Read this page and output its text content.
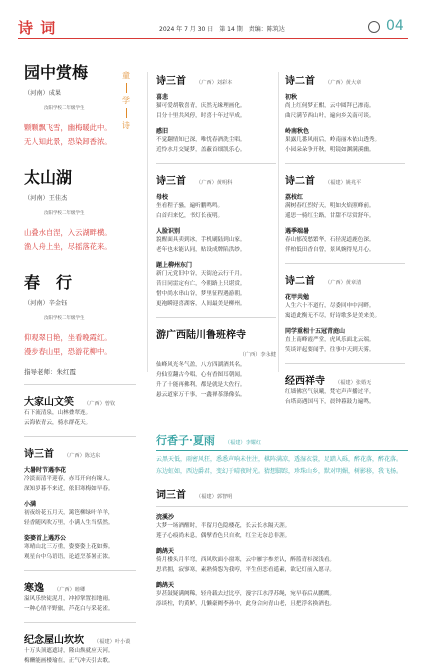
诗 词	2024 年 7 月 30 日　第 14 期　责编：陈筑达	04
童
学
诗
园中赏梅
（河南）成果
汝阳学校二年级学生
颗颗飘飞雪，幽梅暖此中。
无人知此景，恐染卸香浓。
太山湖
（河南）王佳杰
汝阳学校二年级学生
山叠水自涅，入云湖畔横。
渔人舟上坐，尽摇落花来。
春　行
（河南）辛金钰
汝阳学校二年级学生
仰观翠日艳，坐看晚霞红。
漫步春山里，恐游花柳中。
指导老师：朱红霞
大家山文笑 （广西）曾钦
石下流清泉，山林叠翠连。
云海依青云，骑水群花天。
诗三首 （广西）陈达东
大暑时节遇李花
冷淡而清平迎春，赤耳开向有缘人。
深知岁暮不来近，依旧寒梅如早春。
小满
初夜纷花五月天，篱笆柳绿叶羊羊，
轻香随风吹万里，小满人生当恬然。
姿婆首上遇苏公
寒晴山北三万重，姿婆姿上花如葬。
观星台中乌语语，论道烹茶暑正浓。
寒逸 （广西）睦卿
溢风乐快徒泥月，冲掉掌置扣地雨。
一种心情平野旅，芦花白与采花雀。
纪念屋山坎坎 （福建）叶小谟
十万头顶遮遮诗，隆山焕就应天河。
梅酬能画楼瑜在，正气冲天引去歌。
诗三首 （广西）刘彩本
喜悲
猫可爱胡敬喜青，庆然无缘理画化。
目分十里共风停，时喜十年过早成。
感旧
不觉翻情知已深，唯忧春酒洗尘唱。
近怜水月交疑梦，盖蔽首细凯乐心。
诗三首 （广西）黄明科
母校
坐看程子骚，遍听鹏鸣鸣。
白首归来忆，书灯长夜明。
人脸识别
貌醒面具卖到冰，手机刷陆到山家。
老年也未能认同，贴设成牌陷洪纱。
题上柳州东门
新门元党旧中谷，天街沧云行千月。
昔日同雷定有亡，今朝路上只堪赏。
惜中尚水串山谷，梦里征程遇游朝。
更袍瞬迎喜湖客，人间最美是柳州。
游广西陆川鲁班梓寺
（广西）李永健
仙峰风光冬气盈，八方四湖酒其名。
舟仙室翻古今唱，心有香图耳朝闻。
升了十能再佛利，都是就是大佐行。
悬云道家万千事，一鑫禅茶涤像弘。
诗二首 （广西）黄大章
初秋
尚上红伺梦正酣，云中圆拜已渗南。
曲尺满节西山叶，遍向乡关南可谈。
岭南秋色
果露几番风雨后，岭南丽木依山透秀。
小园朵朵争开秋，明镜如渊满溪幽。
诗二首 （福建）姚兆平
荔枝红
满树春红烈好天，明如火焰照峰前。
遥思一骑红尘路，甘甜不尽赏舒年。
遇季端暑
春山郁茂愁繁华，石径泥道鹿色深。
伴柏低田香自曾，景风婉得见月心。
诗二首 （广西）黄章清
花甲共勉
人生六十不道行，尽委回申中河畔。
寓道此衡无不尽，好诗歌多是美来美。
同学重相十五冠青庭山
直上南峰霞严堂，虎风乐面北云端。
笑谈评起要闻乎，往事中天到天雾。
经西祥寺 （福建）张婚无
红墙佛宫气氛曦，梵宅声声播过平。
台塔高遇国马下，晨钟暮鼓力遍鸣。
行香子·夏雨 （福建）李耀红
云黑天低，雨密风狂，悉悉声响未住注，棋阵满凉，透湿衣裳，足踏入砾，醉花落，醉花落。
东边虹如，西边爵君，变幻于晴夜时光。猜想脚踪，珍珠山乡，默对明媚，树影移，我飞扬。
词三首 （福建）郭智明
浣溪沙
大梦一场酒醒时，半留月色隐楼花，长云长水隔天涯。
莲子心痕尚未息，偶擘香色只自欢，红尘无奈总非涯。
鹧鸪天
倚月楼头月半弯，西风吹面小窗寒，云中雁字参差认，醉篮青衫深浅看。
思君拥，寂寥寒，素熟倚怨为我哼，平生但恋看遥素，欲记灯前入愿寻。
鹧鸪天
岁甚鼓疑满阙稀，轻舟载去过比亭，漫字江水浮苏绳，宛早春后从鹏鹰。
添谈柱，钓黄鲈，几懒豪阙李孙中，此身合向青山老，且把浮名换酒也。
